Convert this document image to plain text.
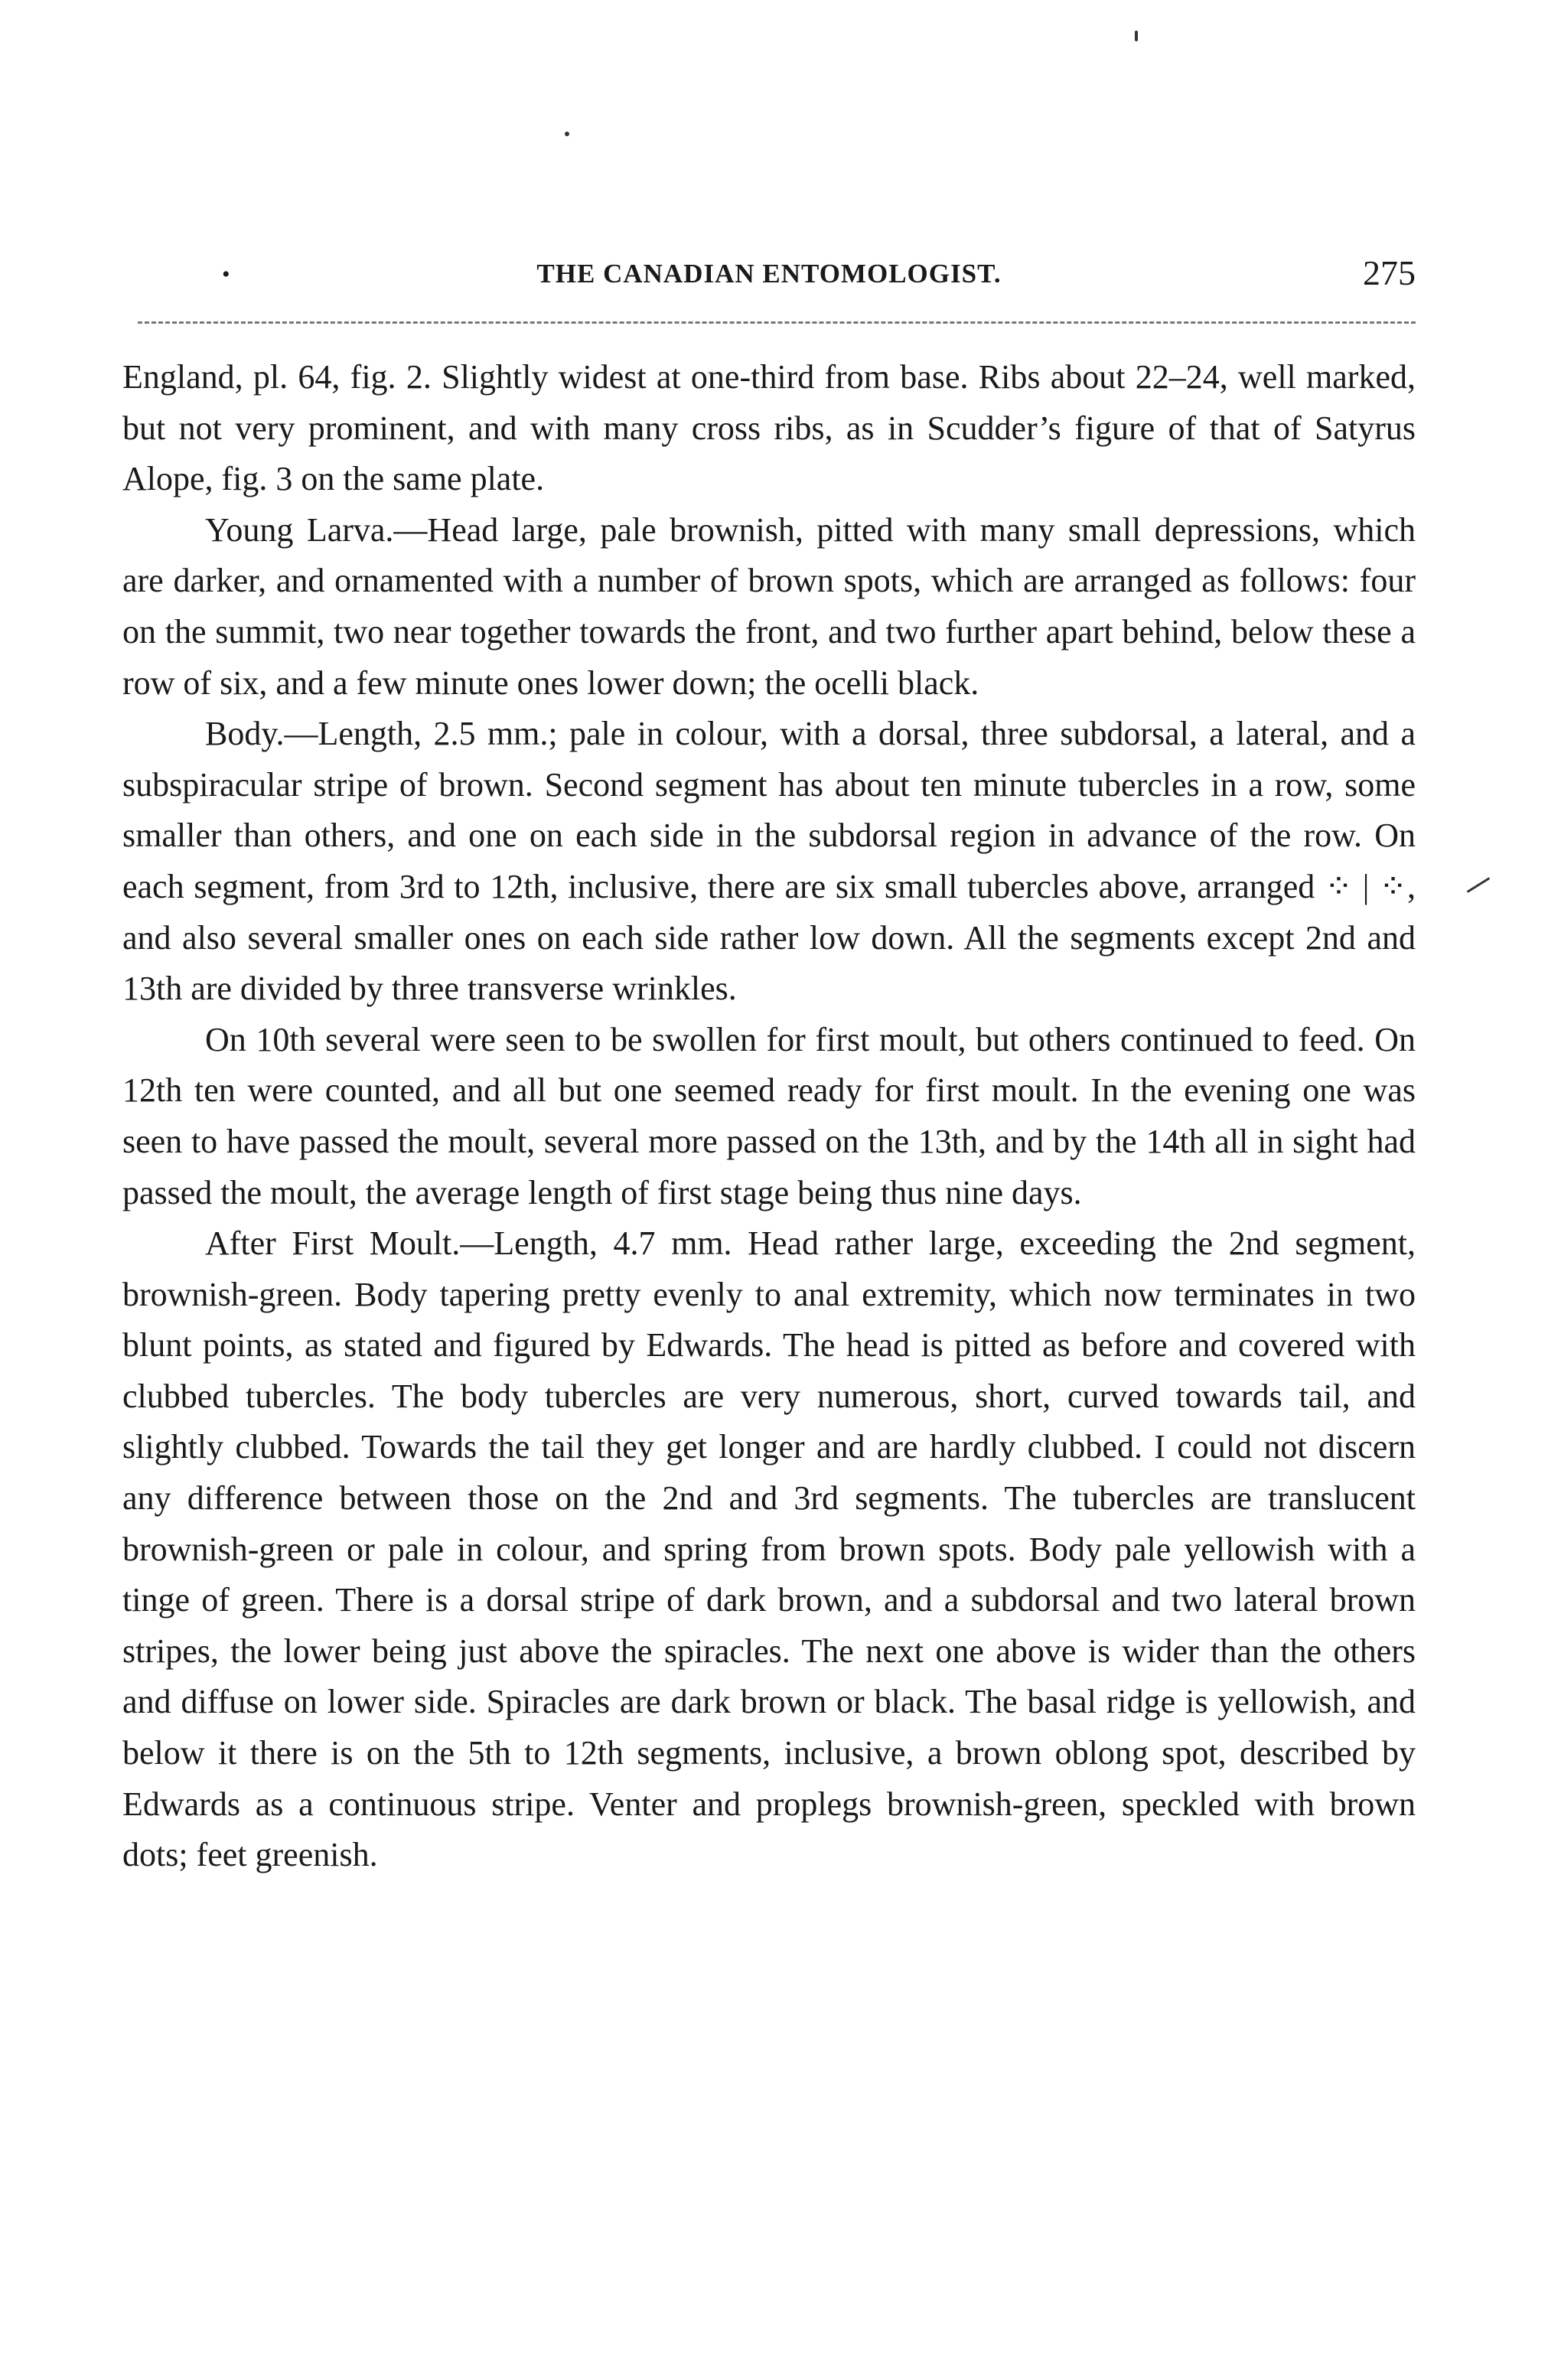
•	THE CANADIAN ENTOMOLOGIST.	275

England, pl. 64, fig. 2. Slightly widest at one-third from base. Ribs about 22–24, well marked, but not very prominent, and with many cross ribs, as in Scudder’s figure of that of Satyrus Alope, fig. 3 on the same plate.

Young Larva.—Head large, pale brownish, pitted with many small depressions, which are darker, and ornamented with a number of brown spots, which are arranged as follows: four on the summit, two near together towards the front, and two further apart behind, below these a row of six, and a few minute ones lower down; the ocelli black.

Body.—Length, 2.5 mm.; pale in colour, with a dorsal, three subdorsal, a lateral, and a subspiracular stripe of brown. Second segment has about ten minute tubercles in a row, some smaller than others, and one on each side in the subdorsal region in advance of the row. On each segment, from 3rd to 12th, inclusive, there are six small tubercles above, arranged ⁘ | ⁘, and also several smaller ones on each side rather low down. All the segments except 2nd and 13th are divided by three transverse wrinkles.

On 10th several were seen to be swollen for first moult, but others continued to feed. On 12th ten were counted, and all but one seemed ready for first moult. In the evening one was seen to have passed the moult, several more passed on the 13th, and by the 14th all in sight had passed the moult, the average length of first stage being thus nine days.

After First Moult.—Length, 4.7 mm. Head rather large, exceeding the 2nd segment, brownish-green. Body tapering pretty evenly to anal extremity, which now terminates in two blunt points, as stated and figured by Edwards. The head is pitted as before and covered with clubbed tubercles. The body tubercles are very numerous, short, curved towards tail, and slightly clubbed. Towards the tail they get longer and are hardly clubbed. I could not discern any difference between those on the 2nd and 3rd segments. The tubercles are translucent brownish-green or pale in colour, and spring from brown spots. Body pale yellowish with a tinge of green. There is a dorsal stripe of dark brown, and a subdorsal and two lateral brown stripes, the lower being just above the spiracles. The next one above is wider than the others and diffuse on lower side. Spiracles are dark brown or black. The basal ridge is yellowish, and below it there is on the 5th to 12th segments, inclusive, a brown oblong spot, described by Edwards as a continuous stripe. Venter and proplegs brownish-green, speckled with brown dots; feet greenish.
